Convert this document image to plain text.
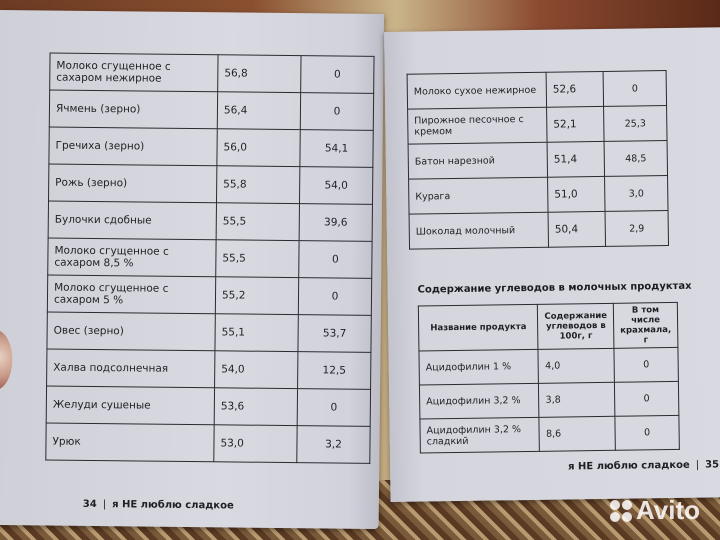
Молоко сгущенное с сахаром нежирное	56,8	0
Ячмень (зерно)	56,4	0
Гречиха (зерно)	56,0	54,1
Рожь (зерно)	55,8	54,0
Булочки сдобные	55,5	39,6
Молоко сгущенное с сахаром 8,5 %	55,5	0
Молоко сгущенное с сахаром 5 %	55,2	0
Овес (зерно)	55,1	53,7
Халва подсолнечная	54,0	12,5
Желуди сушеные	53,6	0
Урюк	53,0	3,2
34 | я НЕ люблю сладкое
Молоко сухое нежирное	52,6	0
Пирожное песочное с кремом	52,1	25,3
Батон нарезной	51,4	48,5
Курага	51,0	3,0
Шоколад молочный	50,4	2,9
Содержание углеводов в молочных продуктах
Название продукта	Содержание углеводов в 100г, г	В том числе крахмала, г
Ацидофилин 1 %	4,0	0
Ацидофилин 3,2 %	3,8	0
Ацидофилин 3,2 % сладкий	8,6	0
я НЕ люблю сладкое | 35
Avito
